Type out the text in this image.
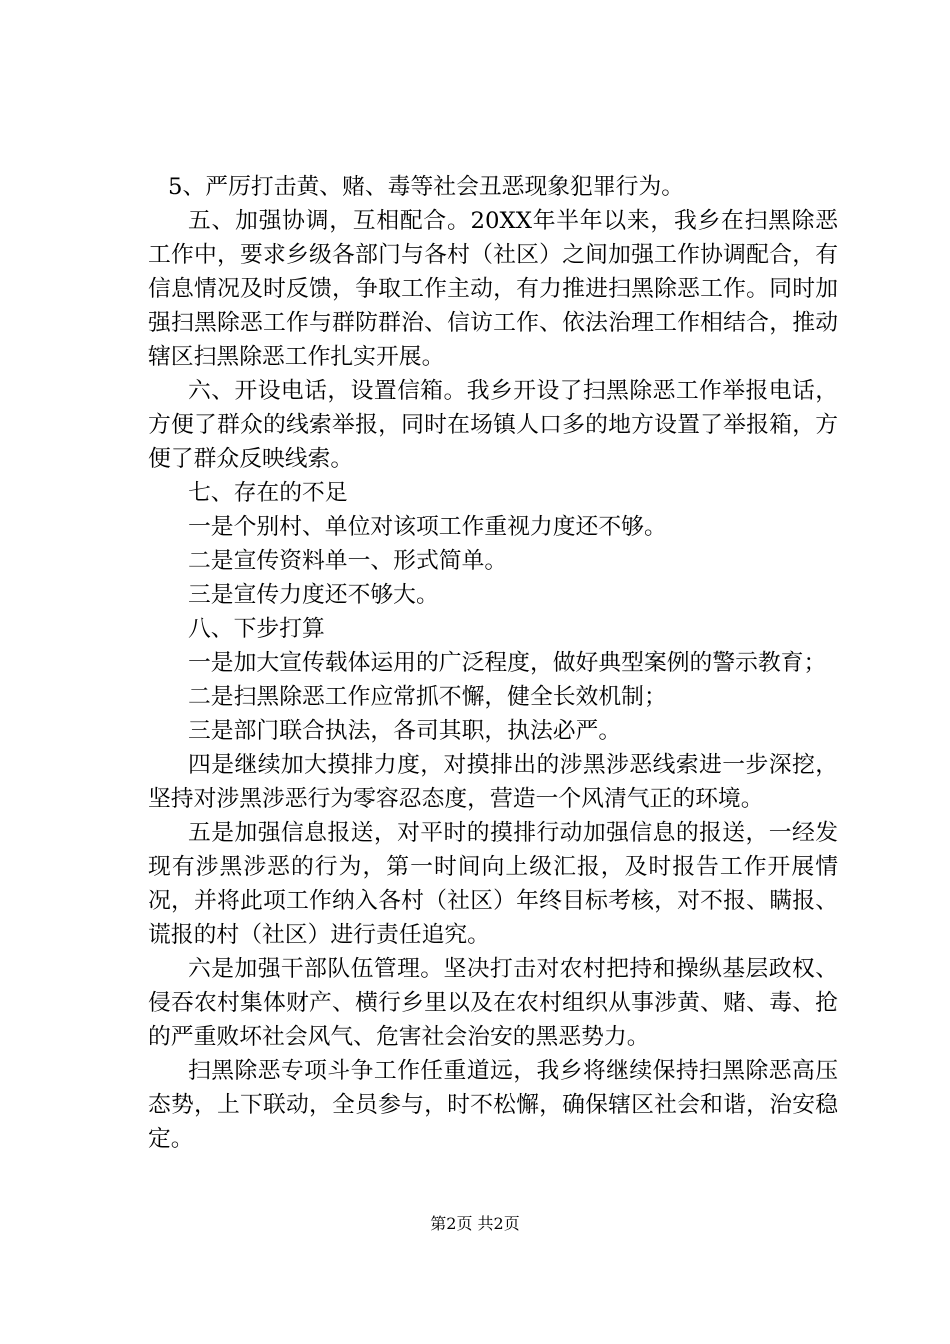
5、严厉打击黄、赌、毒等社会丑恶现象犯罪行为。

五、加强协调，互相配合。20XX年半年以来，我乡在扫黑除恶工作中，要求乡级各部门与各村（社区）之间加强工作协调配合，有信息情况及时反馈，争取工作主动，有力推进扫黑除恶工作。同时加强扫黑除恶工作与群防群治、信访工作、依法治理工作相结合，推动辖区扫黑除恶工作扎实开展。

六、开设电话，设置信箱。我乡开设了扫黑除恶工作举报电话，方便了群众的线索举报，同时在场镇人口多的地方设置了举报箱，方便了群众反映线索。

七、存在的不足

一是个别村、单位对该项工作重视力度还不够。

二是宣传资料单一、形式简单。

三是宣传力度还不够大。

八、下步打算

一是加大宣传载体运用的广泛程度，做好典型案例的警示教育；

二是扫黑除恶工作应常抓不懈，健全长效机制；

三是部门联合执法，各司其职，执法必严。

四是继续加大摸排力度，对摸排出的涉黑涉恶线索进一步深挖，坚持对涉黑涉恶行为零容忍态度，营造一个风清气正的环境。

五是加强信息报送，对平时的摸排行动加强信息的报送，一经发现有涉黑涉恶的行为，第一时间向上级汇报，及时报告工作开展情况，并将此项工作纳入各村（社区）年终目标考核，对不报、瞒报、谎报的村（社区）进行责任追究。

六是加强干部队伍管理。坚决打击对农村把持和操纵基层政权、侵吞农村集体财产、横行乡里以及在农村组织从事涉黄、赌、毒、抢的严重败坏社会风气、危害社会治安的黑恶势力。

扫黑除恶专项斗争工作任重道远，我乡将继续保持扫黑除恶高压态势，上下联动，全员参与，时不松懈，确保辖区社会和谐，治安稳定。

第2页 共2页
